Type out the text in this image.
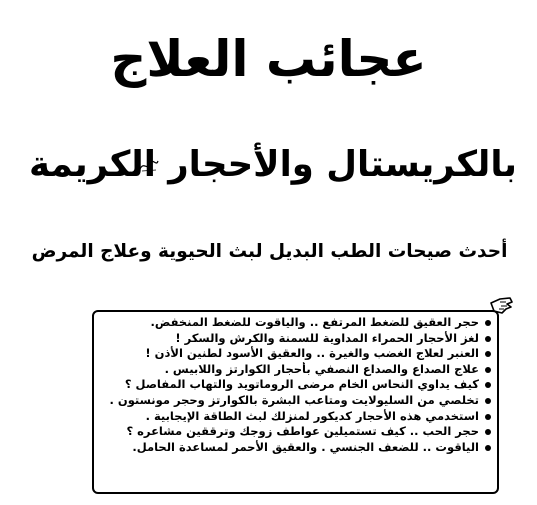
عجائب العلاج
بالكريستال والأحجار الكريمة
أحدث صيحات الطب البديل لبث الحيوية وعلاج المرض
حجر العقيق للضغط المرتفع .. والياقوت للضغط المنخفض.
لغز الأحجار الحمراء المداوية للسمنة والكرش والسكر !
العنبر لعلاج الغضب والغيرة .. والعقيق الأسود لطنين الأذن !
علاج الصداع والصداع النصفي بأحجار الكوارتز واللابيس .
كيف يداوي النحاس الخام مرضى الروماتويد والتهاب المفاصل ؟
تخلصي من السليولايت ومتاعب البشرة بالكوارتز وحجر مونستون .
استخدمي هذه الأحجار كديكور لمنزلك لبث الطاقة الإيجابية .
حجر الحب .. كيف تستميلين عواطف زوجك وترققين مشاعره ؟
الياقوت .. للضعف الجنسي . والعقيق الأحمر لمساعدة الحامل.
